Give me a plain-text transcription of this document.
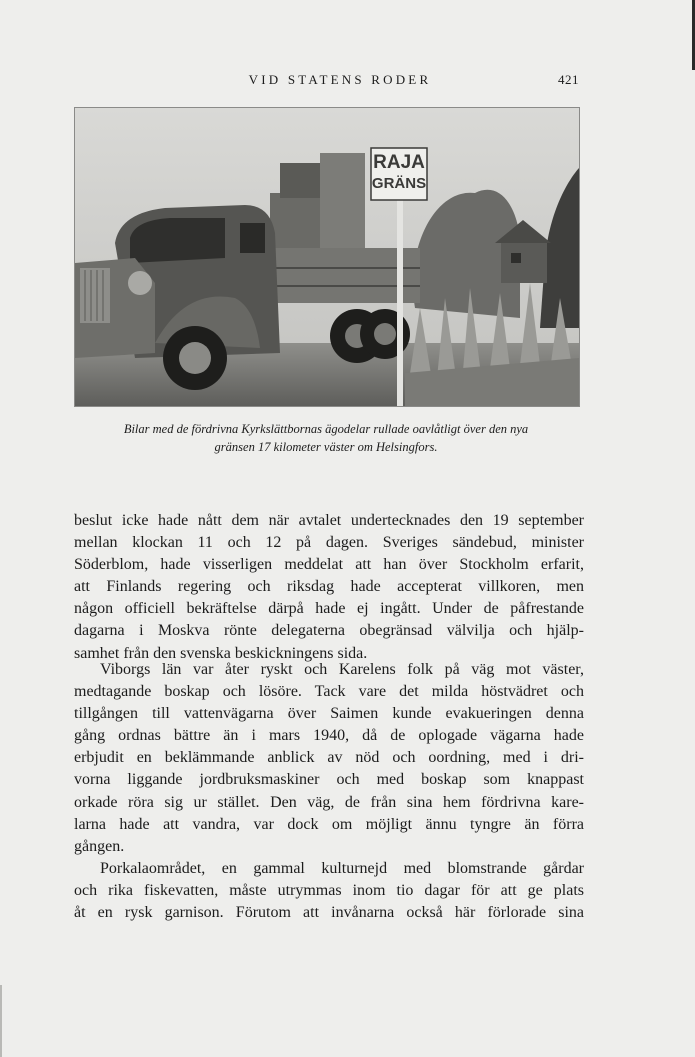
VID STATENS RODER	421
RAJA
GRÄNS
Bilar med de fördrivna Kyrkslättbornas ägodelar rullade oavlåtligt över den nya
gränsen 17 kilometer väster om Helsingfors.
beslut icke hade nått dem när avtalet undertecknades den 19 september
mellan klockan 11 och 12 på dagen. Sveriges sändebud, minister
Söderblom, hade visserligen meddelat att han över Stockholm erfarit,
att Finlands regering och riksdag hade accepterat villkoren, men
någon officiell bekräftelse därpå hade ej ingått. Under de påfrestande
dagarna i Moskva rönte delegaterna obegränsad välvilja och hjälp-
samhet från den svenska beskickningens sida.
Viborgs län var åter ryskt och Karelens folk på väg mot väster,
medtagande boskap och lösöre. Tack vare det milda höstvädret och
tillgången till vattenvägarna över Saimen kunde evakueringen denna
gång ordnas bättre än i mars 1940, då de oplogade vägarna hade
erbjudit en beklämmande anblick av nöd och oordning, med i dri-
vorna liggande jordbruksmaskiner och med boskap som knappast
orkade röra sig ur stället. Den väg, de från sina hem fördrivna kare-
larna hade att vandra, var dock om möjligt ännu tyngre än förra
gången.
Porkalaområdet, en gammal kulturnejd med blomstrande gårdar
och rika fiskevatten, måste utrymmas inom tio dagar för att ge plats
åt en rysk garnison. Förutom att invånarna också här förlorade sina
